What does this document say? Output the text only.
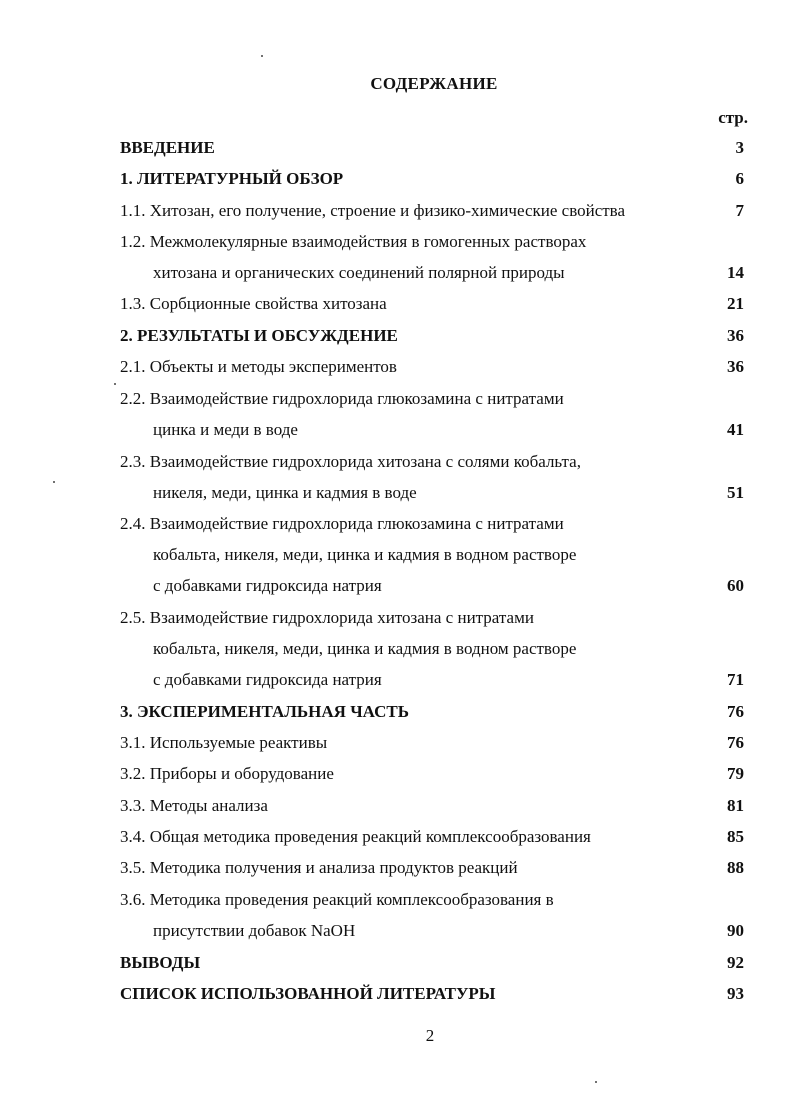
СОДЕРЖАНИЕ
стр.
ВВЕДЕНИЕ	3
1. ЛИТЕРАТУРНЫЙ ОБЗОР	6
1.1. Хитозан, его получение, строение и физико-химические свойства	7
1.2. Межмолекулярные взаимодействия в гомогенных растворах
хитозана и органических соединений полярной природы	14
1.3. Сорбционные свойства хитозана	21
2. РЕЗУЛЬТАТЫ И ОБСУЖДЕНИЕ	36
2.1. Объекты и методы экспериментов	36
2.2. Взаимодействие гидрохлорида глюкозамина с нитратами
цинка и меди в воде	41
2.3. Взаимодействие гидрохлорида хитозана с солями кобальта,
никеля, меди, цинка и кадмия в воде	51
2.4. Взаимодействие гидрохлорида глюкозамина с нитратами
кобальта, никеля, меди, цинка и кадмия в водном растворе
с добавками гидроксида натрия	60
2.5. Взаимодействие гидрохлорида хитозана с нитратами
кобальта, никеля, меди, цинка и кадмия в водном растворе
с добавками гидроксида натрия	71
3. ЭКСПЕРИМЕНТАЛЬНАЯ ЧАСТЬ	76
3.1. Используемые реактивы	76
3.2. Приборы и оборудование	79
3.3. Методы анализа	81
3.4. Общая методика проведения реакций комплексообразования	85
3.5. Методика получения и анализа продуктов реакций	88
3.6. Методика проведения реакций комплексообразования в
присутствии добавок NaOH	90
ВЫВОДЫ	92
СПИСОК ИСПОЛЬЗОВАННОЙ ЛИТЕРАТУРЫ	93
2
